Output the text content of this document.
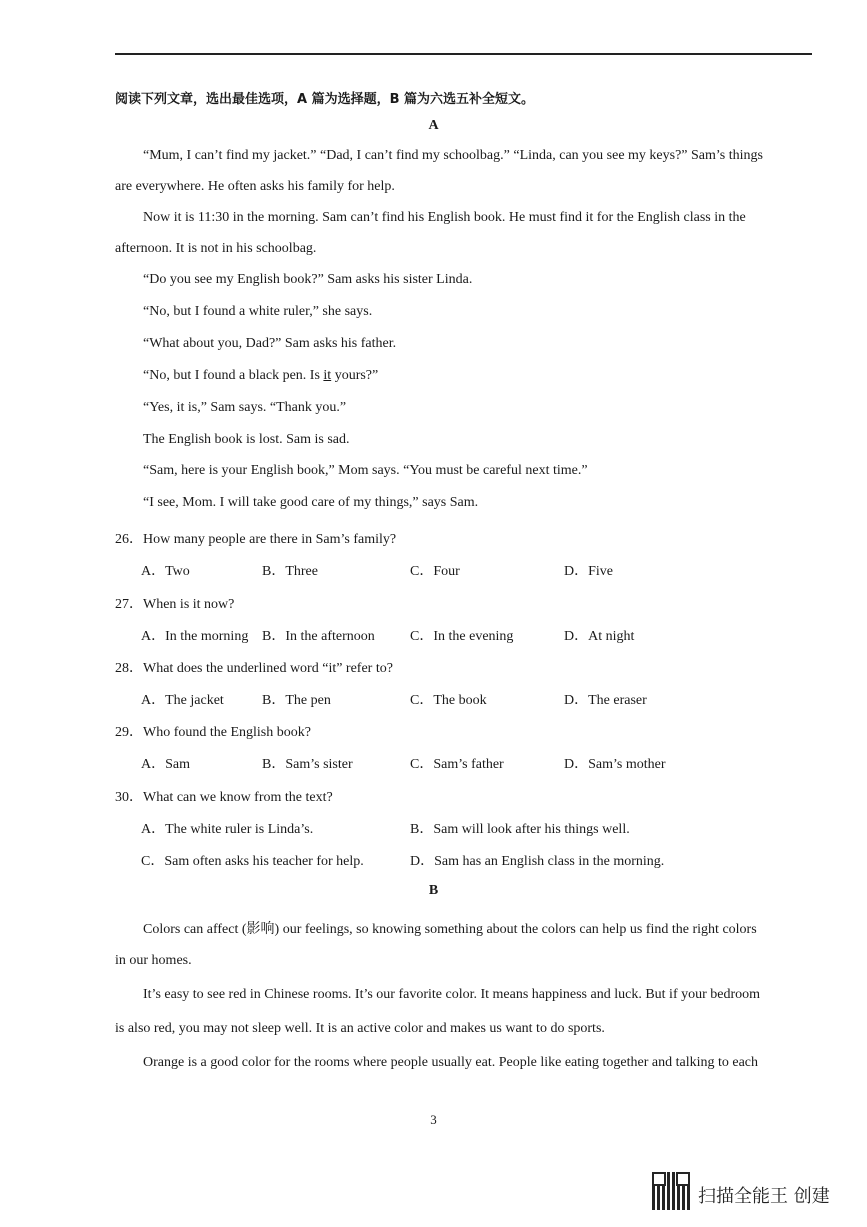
阅读下列文章，选出最佳选项，A 篇为选择题，B 篇为六选五补全短文。
A
“Mum, I can’t find my jacket.” “Dad, I can’t find my schoolbag.” “Linda, can you see my keys?” Sam’s things
are everywhere. He often asks his family for help.
Now it is 11:30 in the morning. Sam can’t find his English book. He must find it for the English class in the
afternoon. It is not in his schoolbag.
“Do you see my English book?” Sam asks his sister Linda.
“No, but I found a white ruler,” she says.
“What about you, Dad?” Sam asks his father.
“No, but I found a black pen. Is it yours?”
“Yes, it is,” Sam says. “Thank you.”
The English book is lost. Sam is sad.
“Sam, here is your English book,” Mom says. “You must be careful next time.”
“I see, Mom. I will take good care of my things,” says Sam.
26．How many people are there in Sam’s family?
A．Two	B．Three	C．Four	D．Five
27．When is it now?
A．In the morning B．In the afternoon	C．In the evening	D．At night
28．What does the underlined word “it” refer to?
A．The jacket	B．The pen	C．The book	D．The eraser
29．Who found the English book?
A．Sam	B．Sam’s sister	C．Sam’s father	D．Sam’s mother
30．What can we know from the text?
A．The white ruler is Linda’s.	B．Sam will look after his things well.
C．Sam often asks his teacher for help.	D．Sam has an English class in the morning.
B
Colors can affect (影响) our feelings, so knowing something about the colors can help us find the right colors
in our homes.
It’s easy to see red in Chinese rooms. It’s our favorite color. It means happiness and luck. But if your bedroom
is also red, you may not sleep well. It is an active color and makes us want to do sports.
Orange is a good color for the rooms where people usually eat. People like eating together and talking to each
3
扫描全能王 创建
